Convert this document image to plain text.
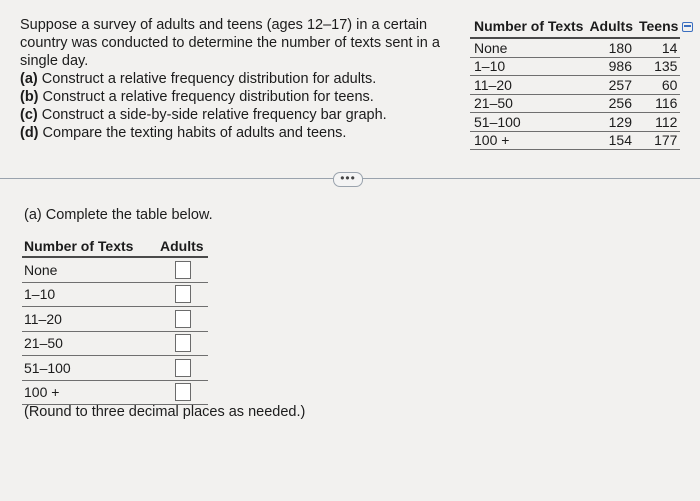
Suppose a survey of adults and teens (ages 12–17) in a certain
country was conducted to determine the number of texts sent in a
single day.
(a) Construct a relative frequency distribution for adults.
(b) Construct a relative frequency distribution for teens.
(c) Construct a side-by-side relative frequency bar graph.
(d) Compare the texting habits of adults and teens.
Number of Texts	Adults	Teens
None	180	14
1–10	986	135
11–20	257	60
21–50	256	116
51–100	129	112
100 +	154	177
•••
(a) Complete the table below.
Number of Texts	Adults
None	
1–10	
11–20	
21–50	
51–100	
100 +	
(Round to three decimal places as needed.)
